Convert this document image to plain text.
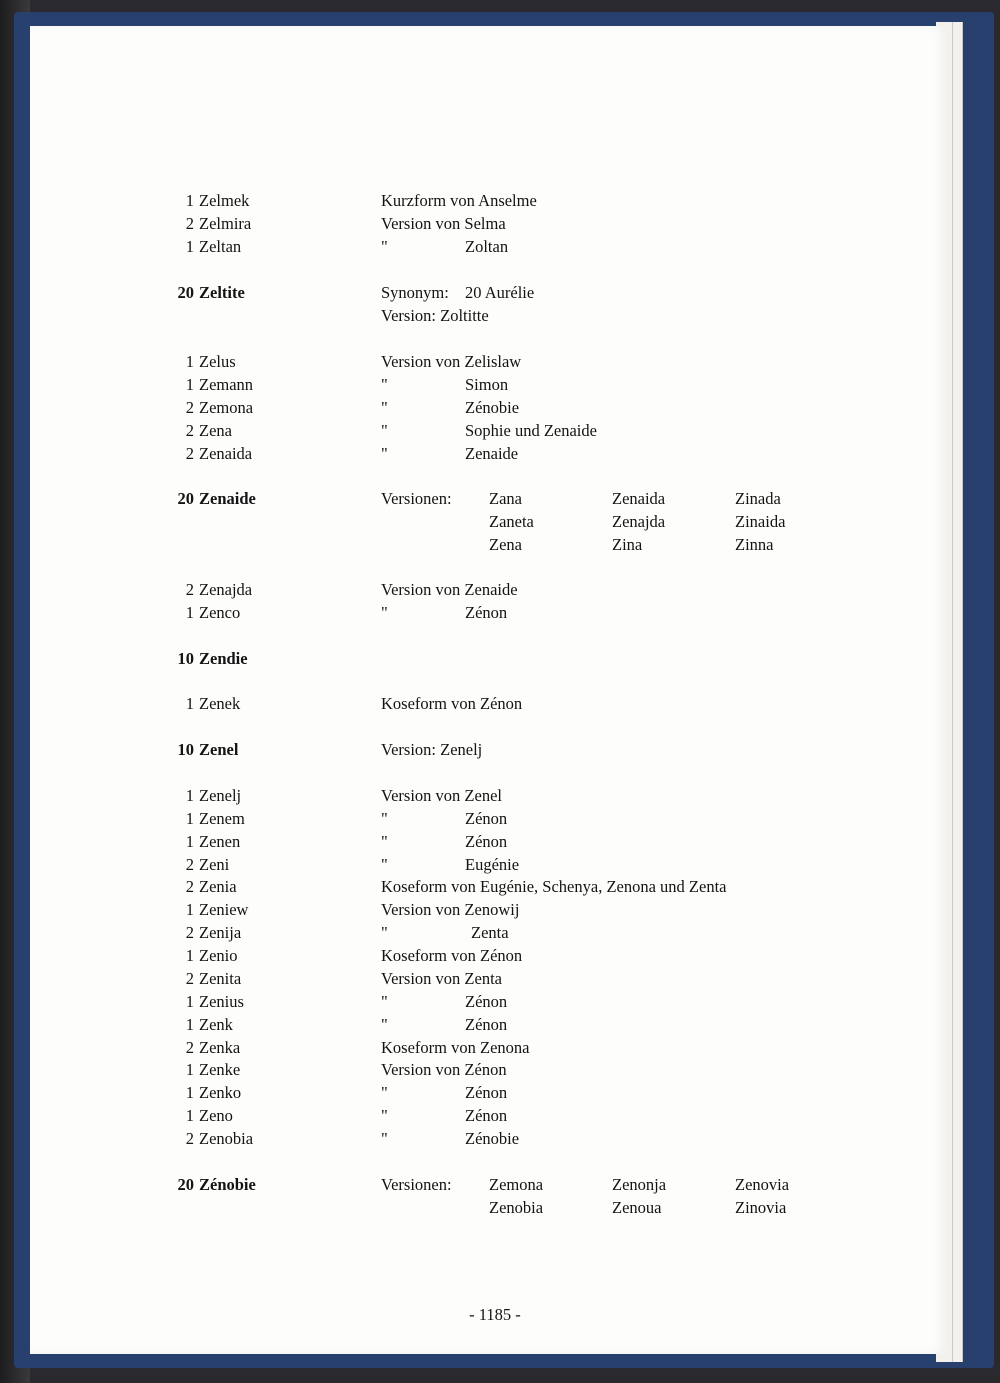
1 Zelmek	Kurzform von Anselme
2 Zelmira	Version von Selma
1 Zeltan	"	Zoltan
20 Zeltite	Synonym: 20 Aurélie
Version: Zoltitte
1 Zelus	Version von Zelislaw
1 Zemann	"	Simon
2 Zemona	"	Zénobie
2 Zena	"	Sophie und Zenaide
2 Zenaida	"	Zenaide
20 Zenaide	Versionen: Zana	Zenaida	Zinada
Zaneta	Zenajda	Zinaida
Zena	Zina	Zinna
2 Zenajda	Version von Zenaide
1 Zenco	"	Zénon
10 Zendie
1 Zenek	Koseform von Zénon
10 Zenel	Version: Zenelj
1 Zenelj	Version von Zenel
1 Zenem	"	Zénon
1 Zenen	"	Zénon
2 Zeni	"	Eugénie
2 Zenia	Koseform von Eugénie, Schenya, Zenona und Zenta
1 Zeniew	Version von Zenowij
2 Zenija	"	Zenta
1 Zenio	Koseform von Zénon
2 Zenita	Version von Zenta
1 Zenius	"	Zénon
1 Zenk	"	Zénon
2 Zenka	Koseform von Zenona
1 Zenke	Version von Zénon
1 Zenko	"	Zénon
1 Zeno	"	Zénon
2 Zenobia	"	Zénobie
20 Zénobie	Versionen: Zemona	Zenonja	Zenovia
Zenobia	Zenoua	Zinovia
- 1185 -
